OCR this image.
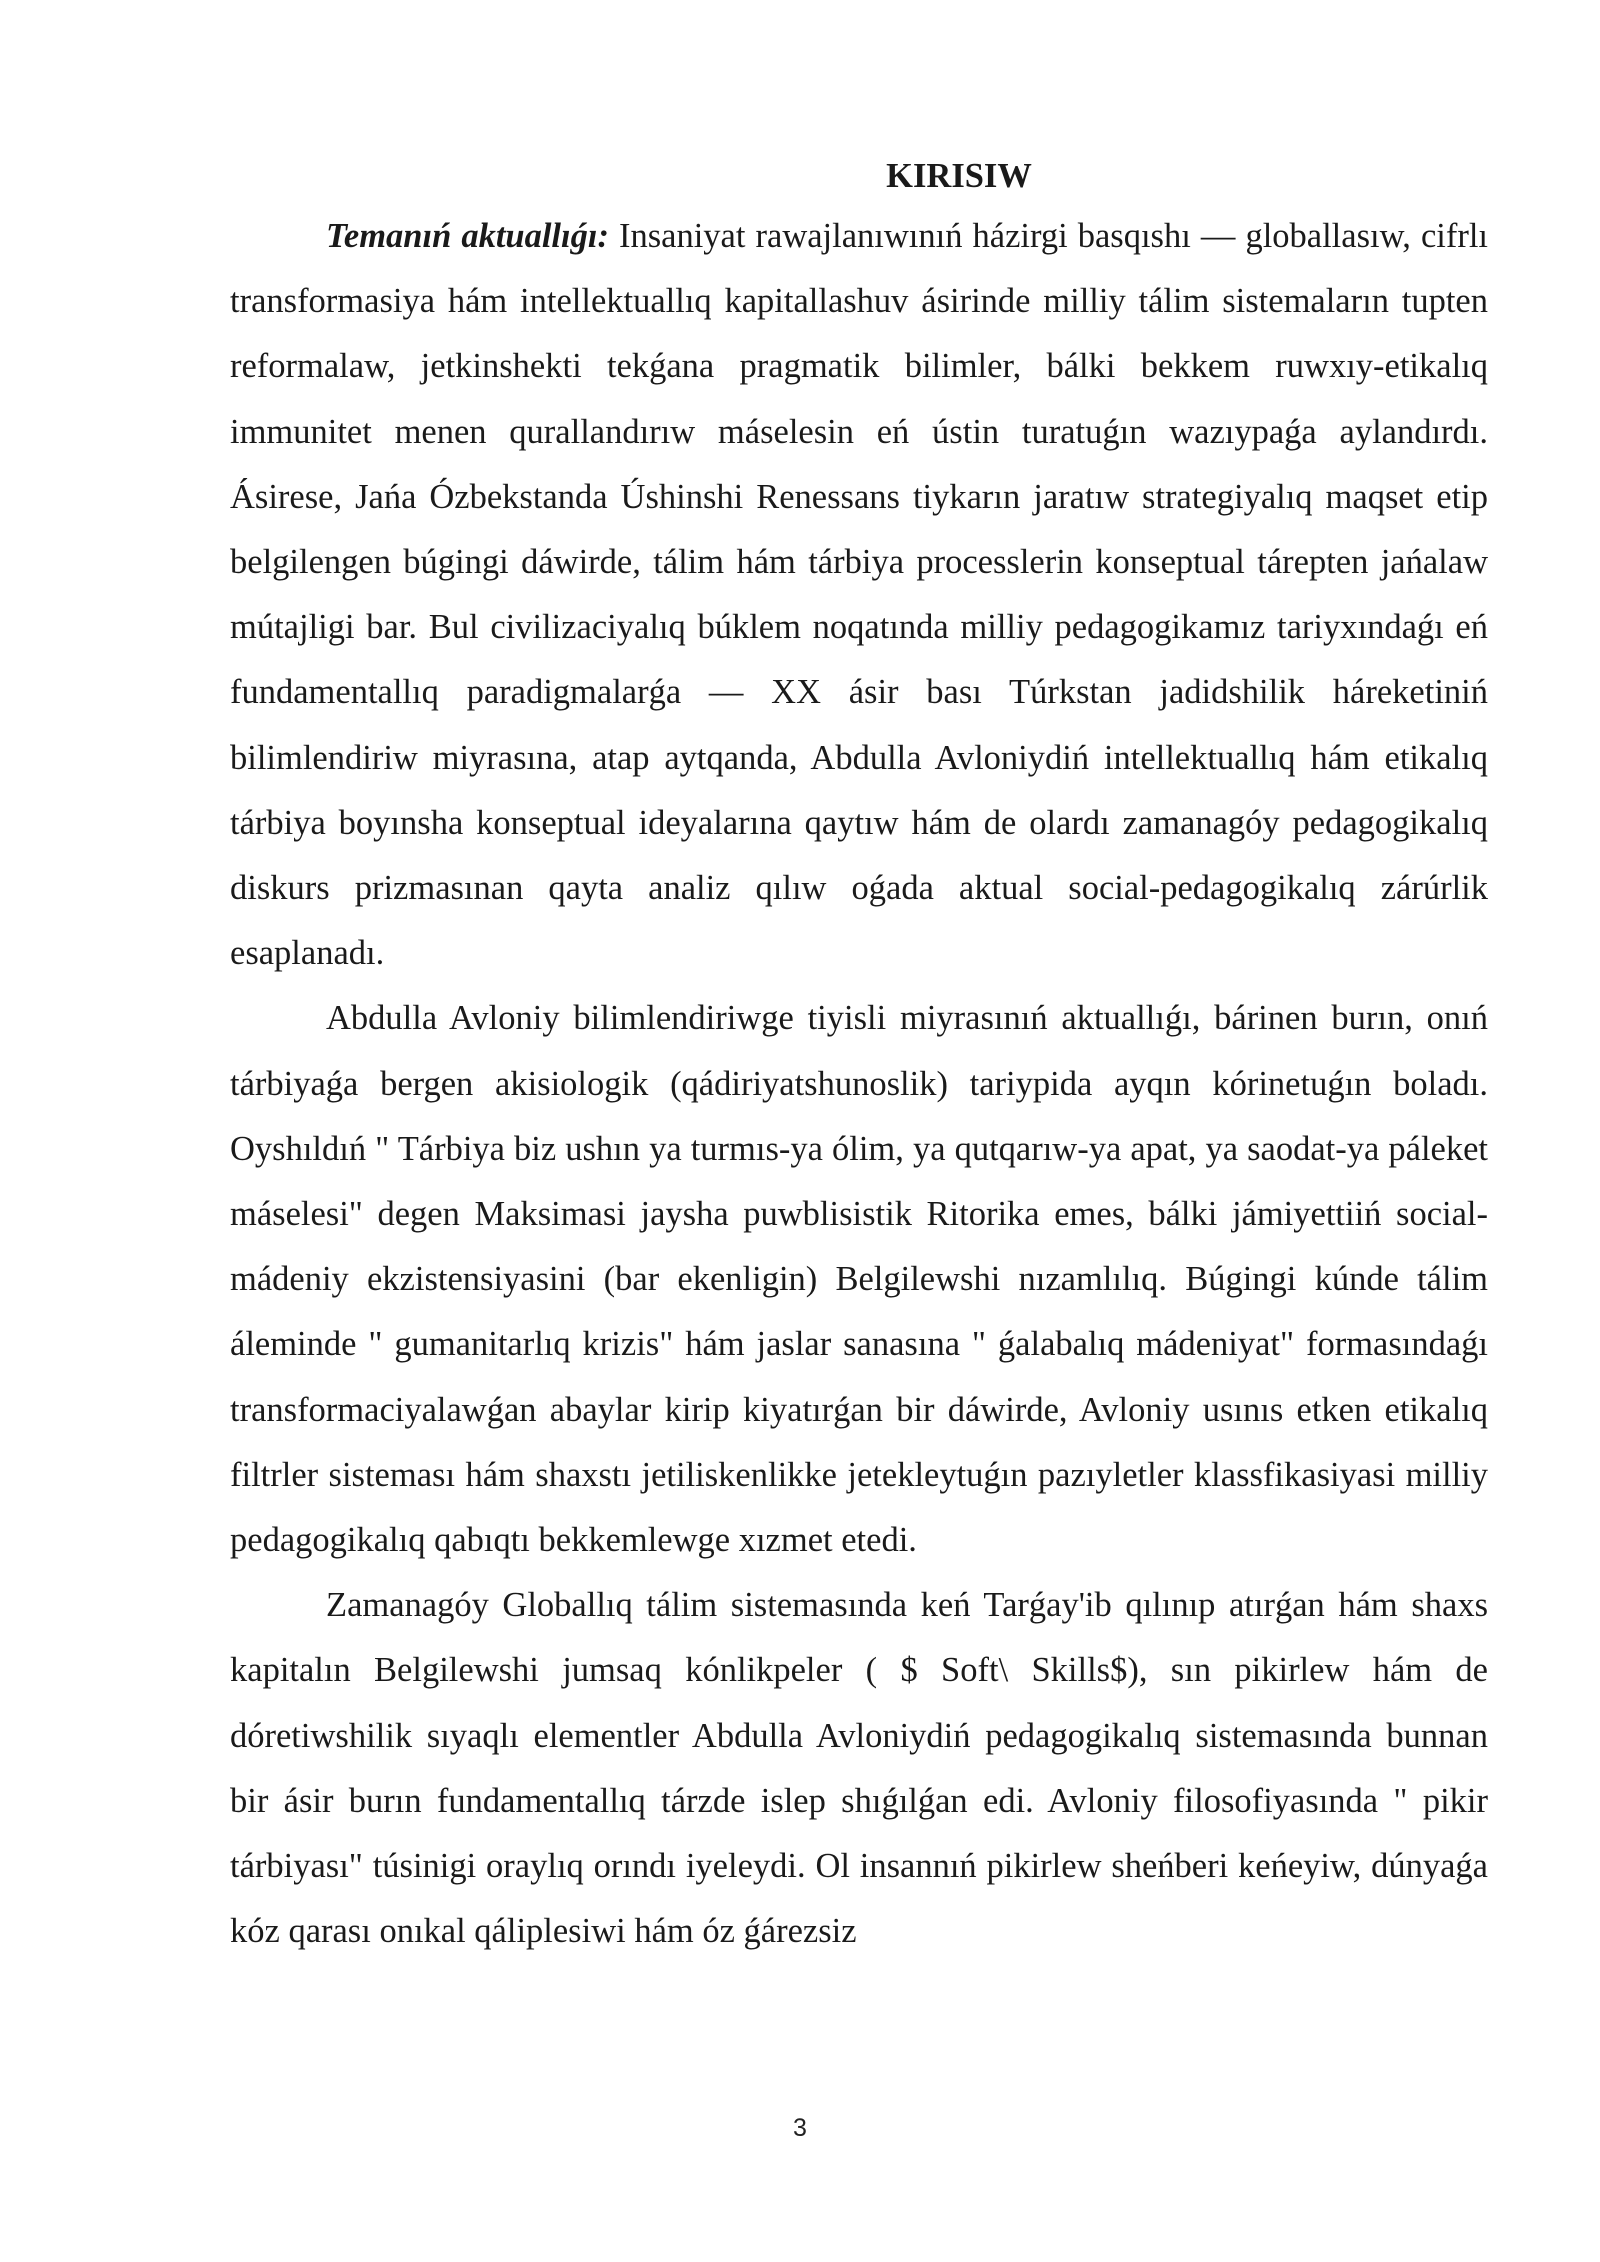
KIRISIW

Temanıń aktuallıǵı: Insaniyat rawajlanıwınıń házirgi basqıshı — globallasıw, cifrlı transformasiya hám intellektuallıq kapitallashuv ásirinde milliy tálim sistemaların tupten reformalaw, jetkinshekti tekǵana pragmatik bilimler, bálki bekkem ruwxıy-etikalıq immunitet menen qurallandırıw máselesin eń ústin turatuǵın wazıypaǵa aylandırdı. Ásirese, Jańa Ózbekstanda Úshinshi Renessans tiykarın jaratıw strategiyalıq maqset etip belgilengen búgingi dáwirde, tálim hám tárbiya processlerin konseptual tárepten jańalaw mútajligi bar. Bul civilizaciyalıq búklem noqatında milliy pedagogikamız tariyxındaǵı eń fundamentallıq paradigmalarǵa — XX ásir bası Túrkstan jadidshilik háreketiniń bilimlendiriw miyrasına, atap aytqanda, Abdulla Avloniydiń intellektuallıq hám etikalıq tárbiya boyınsha konseptual ideyalarına qaytıw hám de olardı zamanagóy pedagogikalıq diskurs prizmasınan qayta analiz qılıw oǵada aktual social-pedagogikalıq zárúrlik esaplanadı.

Abdulla Avloniy bilimlendiriwge tiyisli miyrasınıń aktuallıǵı, bárinen burın, onıń tárbiyaǵa bergen akisiologik (qádiriyatshunoslik) tariypida ayqın kórinetuǵın boladı. Oyshıldıń " Tárbiya biz ushın ya turmıs-ya ólim, ya qutqarıw-ya apat, ya saodat-ya páleket máselesi" degen Maksimasi jaysha puwblisistik Ritorika emes, bálki jámiyettiiń social-mádeniy ekzistensiyasini (bar ekenligin) Belgilewshi nızamlılıq. Búgingi kúnde tálim áleminde " gumanitarlıq krizis" hám jaslar sanasına " ǵalabalıq mádeniyat" formasındaǵı transformaciyalawǵan abaylar kirip kiyatırǵan bir dáwirde, Avloniy usınıs etken etikalıq filtrler sisteması hám shaxstı jetiliskenlikke jetekleytuǵın pazıyletler klassfikasiyasi milliy pedagogikalıq qabıqtı bekkemlewge xızmet etedi.

Zamanagóy Globallıq tálim sistemasında keń Tarǵay'ib qılınıp atırǵan hám shaxs kapitalın Belgilewshi jumsaq kónlikpeler ( $ Soft\ Skills$), sın pikirlew hám de dóretiwshilik sıyaqlı elementler Abdulla Avloniydiń pedagogikalıq sistemasında bunnan bir ásir burın fundamentallıq tárzde islep shıǵılǵan edi. Avloniy filosofiyasında " pikir tárbiyası" túsinigi oraylıq orındı iyeleydi. Ol insannıń pikirlew sheńberi keńeyiw, dúnyaǵa kóz qarası onıkal qáliplesiwi hám óz ǵárezsiz

3
